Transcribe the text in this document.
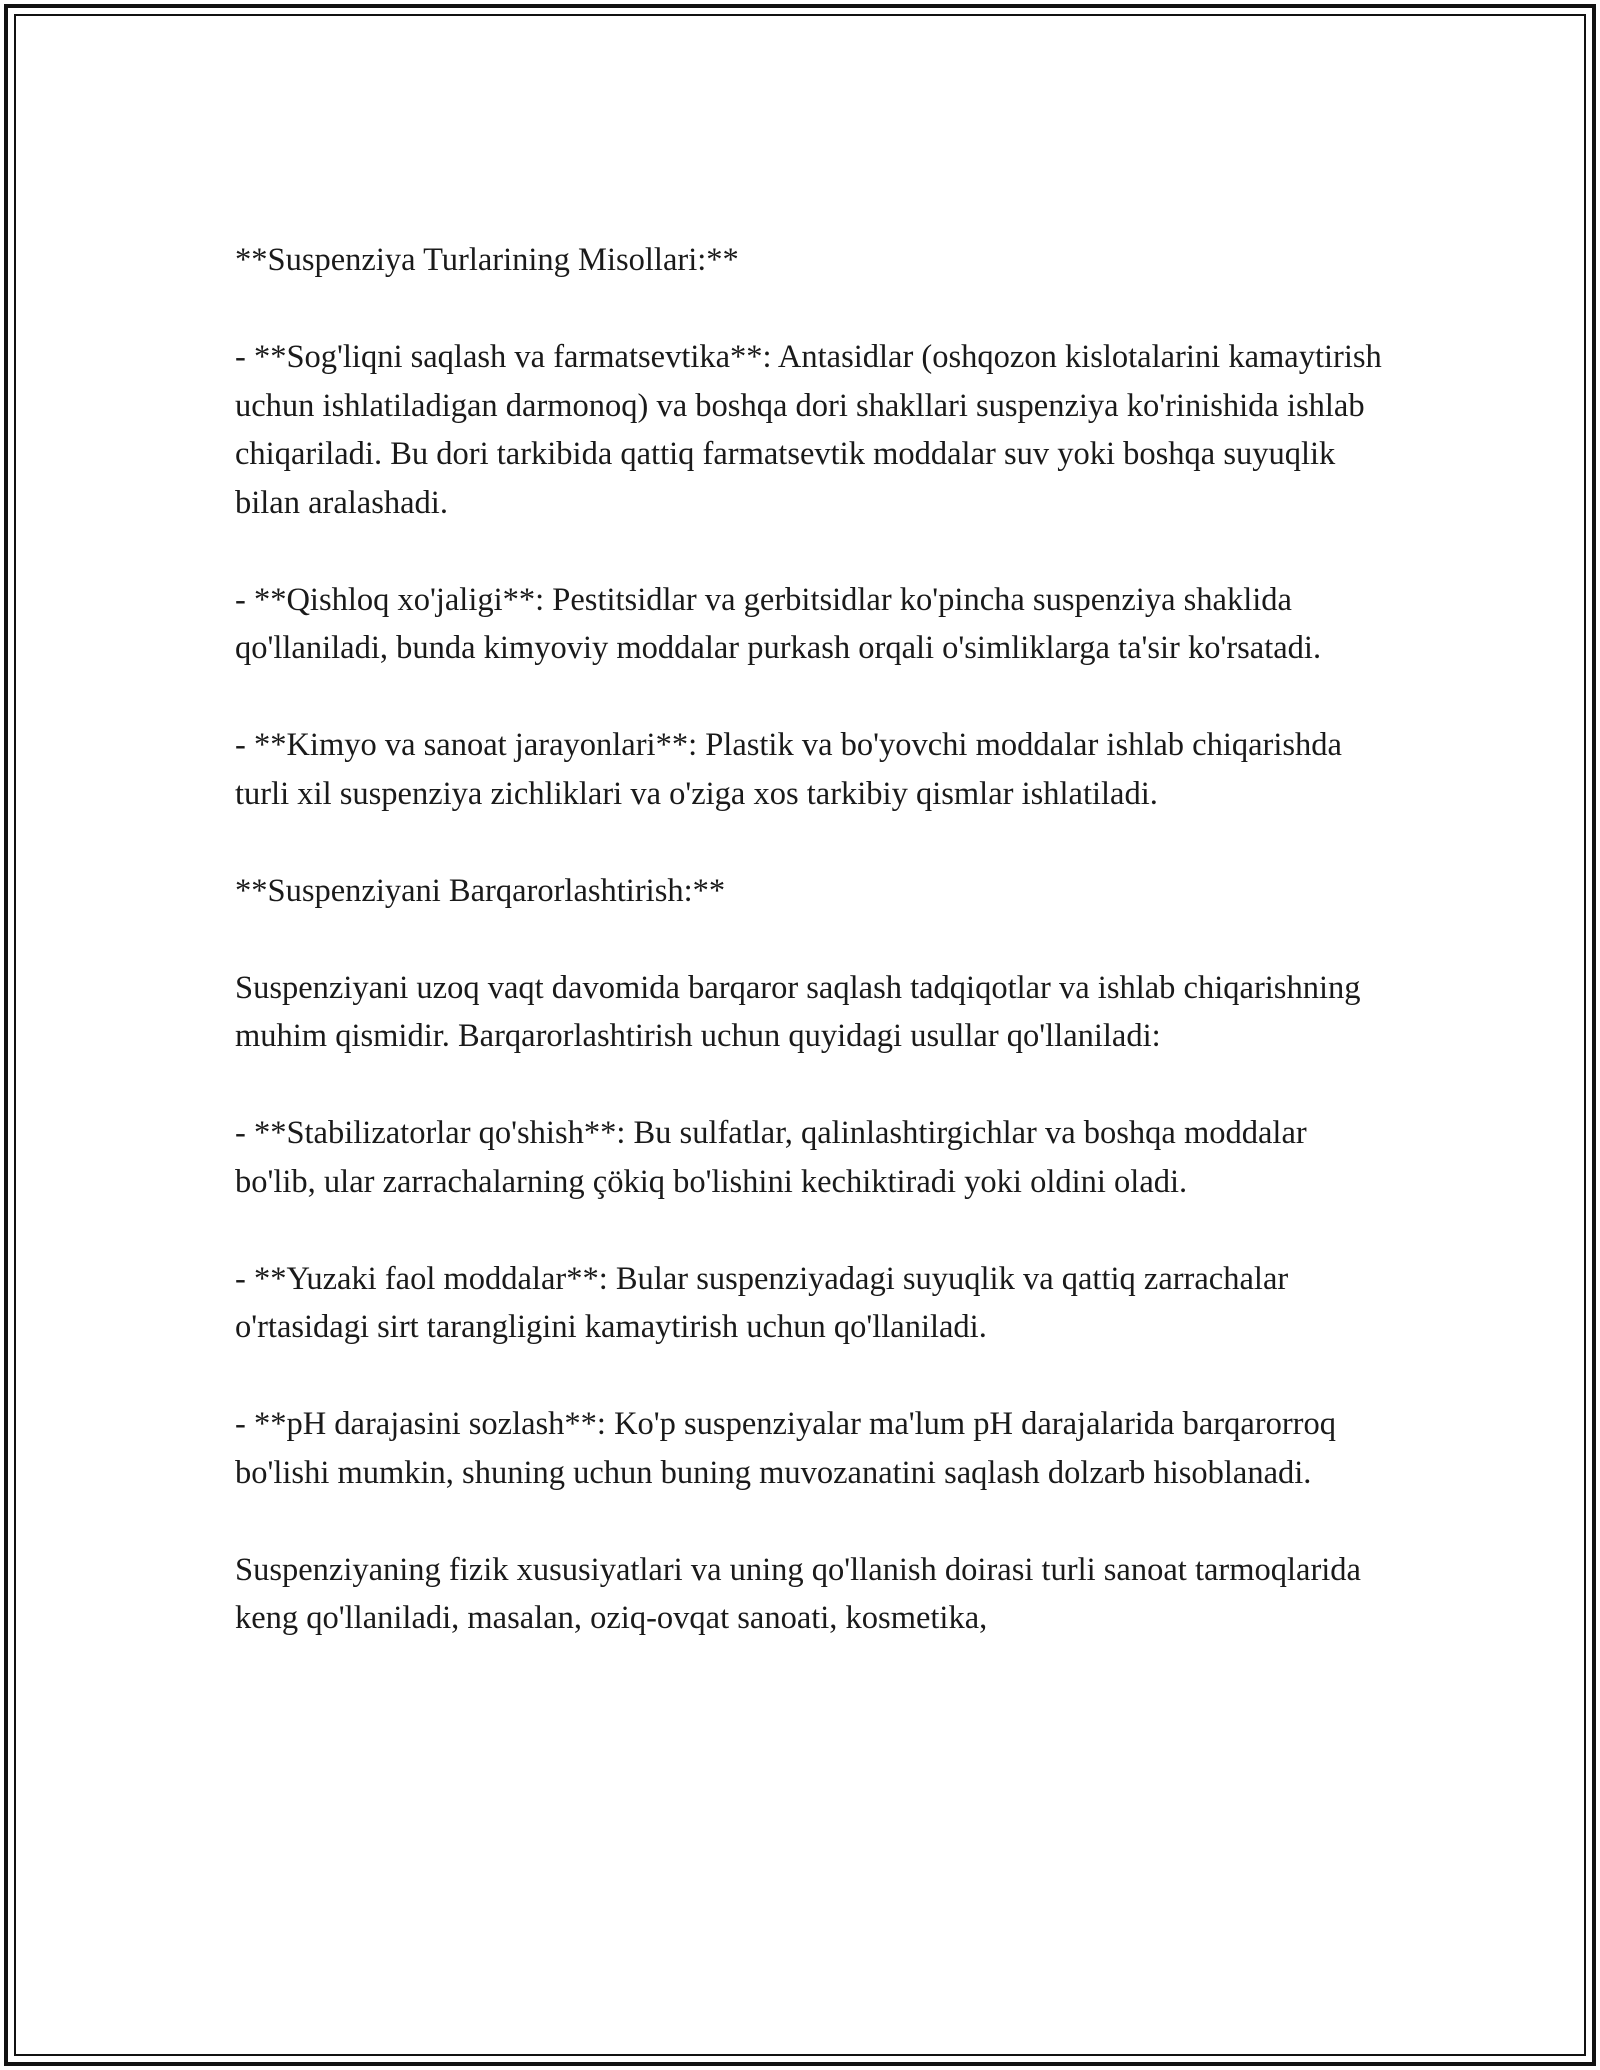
**Suspenziya Turlarining Misollari:**

- **Sog'liqni saqlash va farmatsevtika**: Antasidlar (oshqozon kislotalarini kamaytirish uchun ishlatiladigan darmonoq) va boshqa dori shakllari suspenziya ko'rinishida ishlab chiqariladi. Bu dori tarkibida qattiq farmatsevtik moddalar suv yoki boshqa suyuqlik bilan aralashadi.

- **Qishloq xo'jaligi**: Pestitsidlar va gerbitsidlar ko'pincha suspenziya shaklida qo'llaniladi, bunda kimyoviy moddalar purkash orqali o'simliklarga ta'sir ko'rsatadi.

- **Kimyo va sanoat jarayonlari**: Plastik va bo'yovchi moddalar ishlab chiqarishda turli xil suspenziya zichliklari va o'ziga xos tarkibiy qismlar ishlatiladi.

**Suspenziyani Barqarorlashtirish:**

Suspenziyani uzoq vaqt davomida barqaror saqlash tadqiqotlar va ishlab chiqarishning muhim qismidir. Barqarorlashtirish uchun quyidagi usullar qo'llaniladi:

- **Stabilizatorlar qo'shish**: Bu sulfatlar, qalinlashtirgichlar va boshqa moddalar bo'lib, ular zarrachalarning çökiq bo'lishini kechiktiradi yoki oldini oladi.

- **Yuzaki faol moddalar**: Bular suspenziyadagi suyuqlik va qattiq zarrachalar o'rtasidagi sirt tarangligini kamaytirish uchun qo'llaniladi.

- **pH darajasini sozlash**: Ko'p suspenziyalar ma'lum pH darajalarida barqarorroq bo'lishi mumkin, shuning uchun buning muvozanatini saqlash dolzarb hisoblanadi.

Suspenziyaning fizik xususiyatlari va uning qo'llanish doirasi turli sanoat tarmoqlarida keng qo'llaniladi, masalan, oziq-ovqat sanoati, kosmetika,
